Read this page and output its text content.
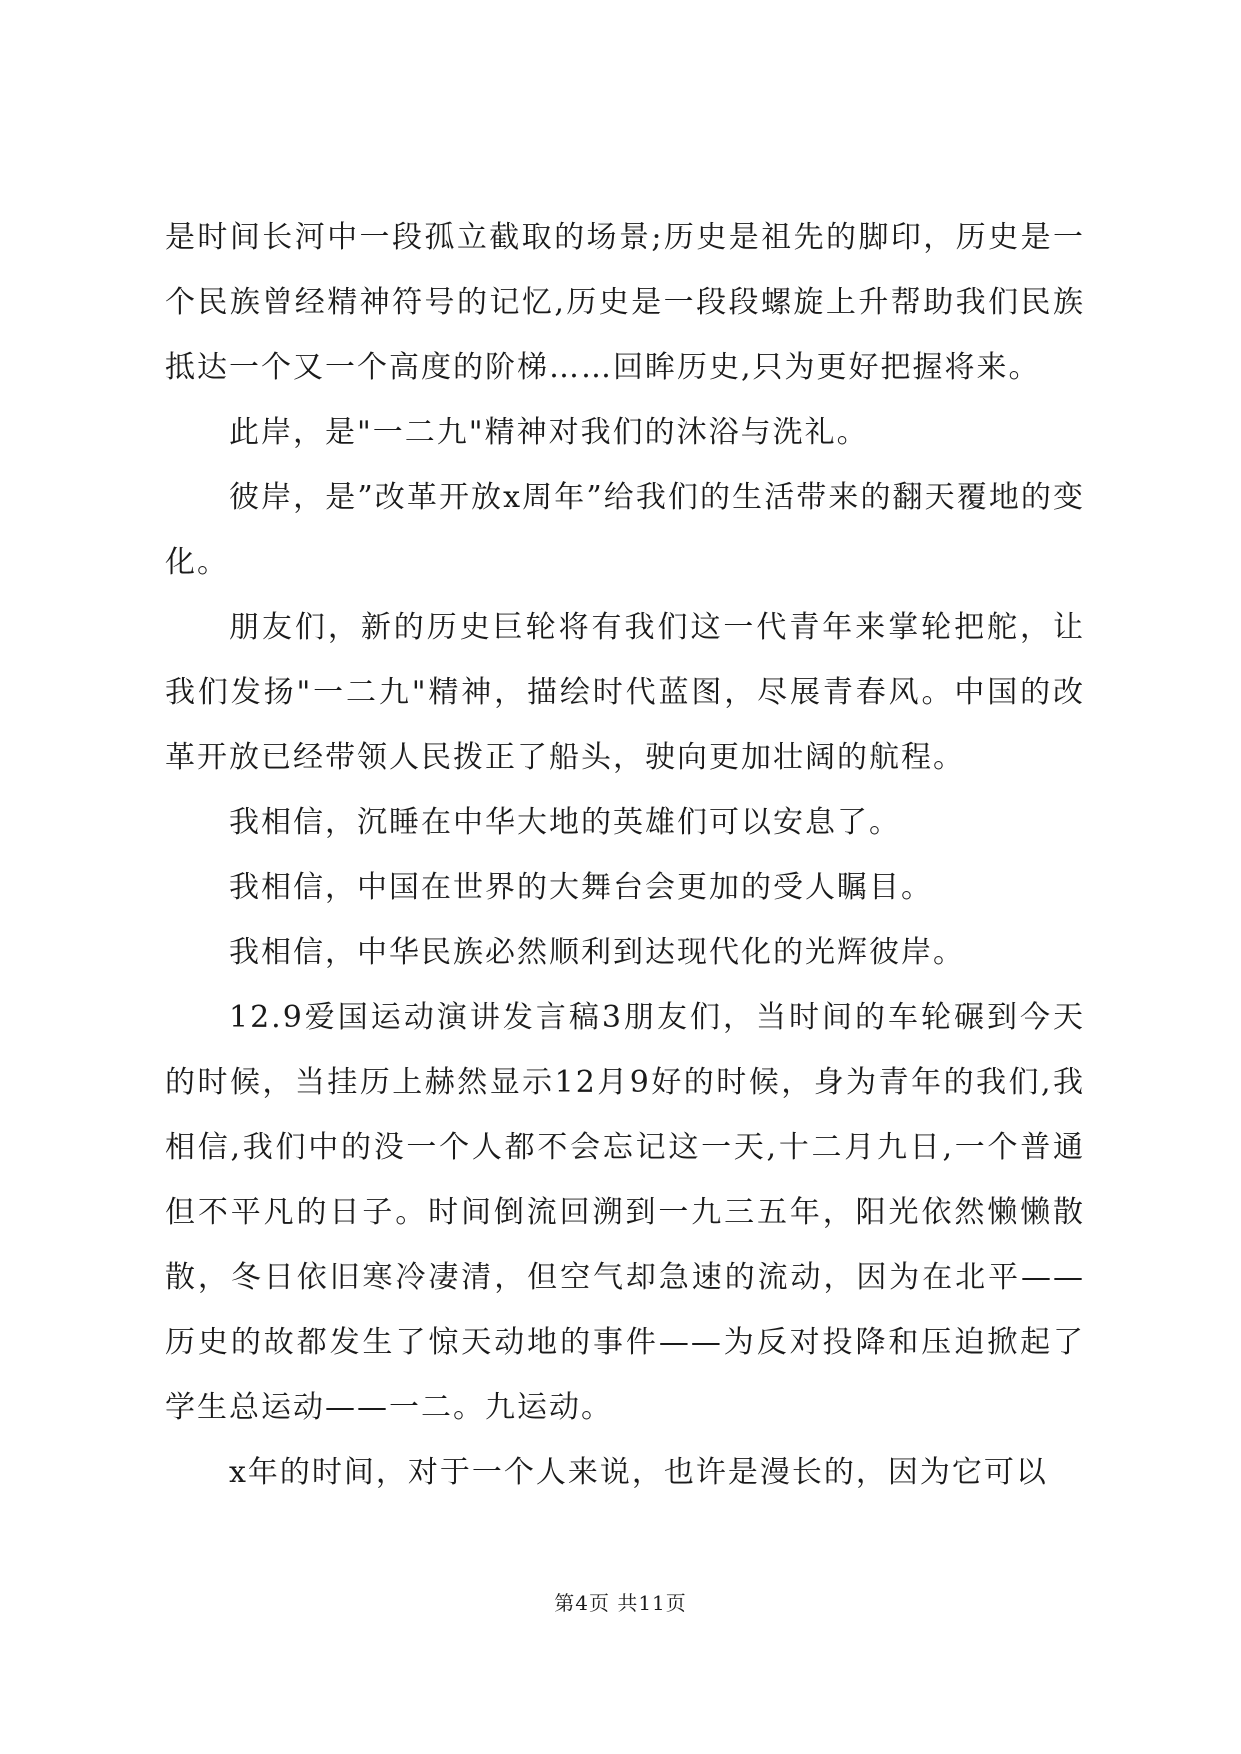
是时间长河中一段孤立截取的场景;历史是祖先的脚印，历史是一个民族曾经精神符号的记忆,历史是一段段螺旋上升帮助我们民族抵达一个又一个高度的阶梯……回眸历史,只为更好把握将来。

此岸，是"一二九"精神对我们的沐浴与洗礼。

彼岸，是”改革开放x周年”给我们的生活带来的翻天覆地的变化。

朋友们，新的历史巨轮将有我们这一代青年来掌轮把舵，让我们发扬"一二九"精神，描绘时代蓝图，尽展青春风。中国的改革开放已经带领人民拨正了船头，驶向更加壮阔的航程。

我相信，沉睡在中华大地的英雄们可以安息了。

我相信，中国在世界的大舞台会更加的受人瞩目。

我相信，中华民族必然顺利到达现代化的光辉彼岸。

12.9爱国运动演讲发言稿3朋友们，当时间的车轮碾到今天的时候，当挂历上赫然显示12月9好的时候，身为青年的我们,我相信,我们中的没一个人都不会忘记这一天,十二月九日,一个普通但不平凡的日子。时间倒流回溯到一九三五年，阳光依然懒懒散散，冬日依旧寒冷凄清，但空气却急速的流动，因为在北平——历史的故都发生了惊天动地的事件——为反对投降和压迫掀起了学生总运动——一二。九运动。

x年的时间，对于一个人来说，也许是漫长的，因为它可以

第4页 共11页
